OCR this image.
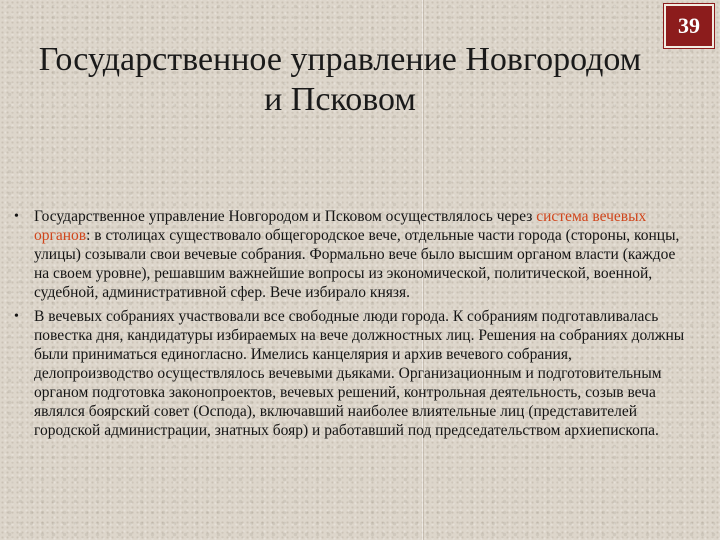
39
Государственное управление Новгородом
и Псковом
• Государственное управление Новгородом и Псковом осуществлялось через система вечевых органов: в столицах существовало общегородское вече, отдельные части города (стороны, концы, улицы) созывали свои вечевые собрания. Формально вече было высшим органом власти (каждое на своем уровне), решавшим важнейшие вопросы из экономической, политической, военной, судебной, административной сфер. Вече избирало князя.
• В вечевых собраниях участвовали все свободные люди города. К собраниям подготавливалась повестка дня, кандидатуры избираемых на вече должностных лиц. Решения на собраниях должны были приниматься единогласно. Имелись канцелярия и архив вечевого собрания, делопроизводство осуществлялось вечевыми дьяками. Организационным и подготовительным органом подготовка законопроектов, вечевых решений, контрольная деятельность, созыв веча являлся боярский совет (Осподa), включавший наиболее влиятельные лиц (представителей городской администрации, знатных бояр) и работавший под председательством архиепископа.
